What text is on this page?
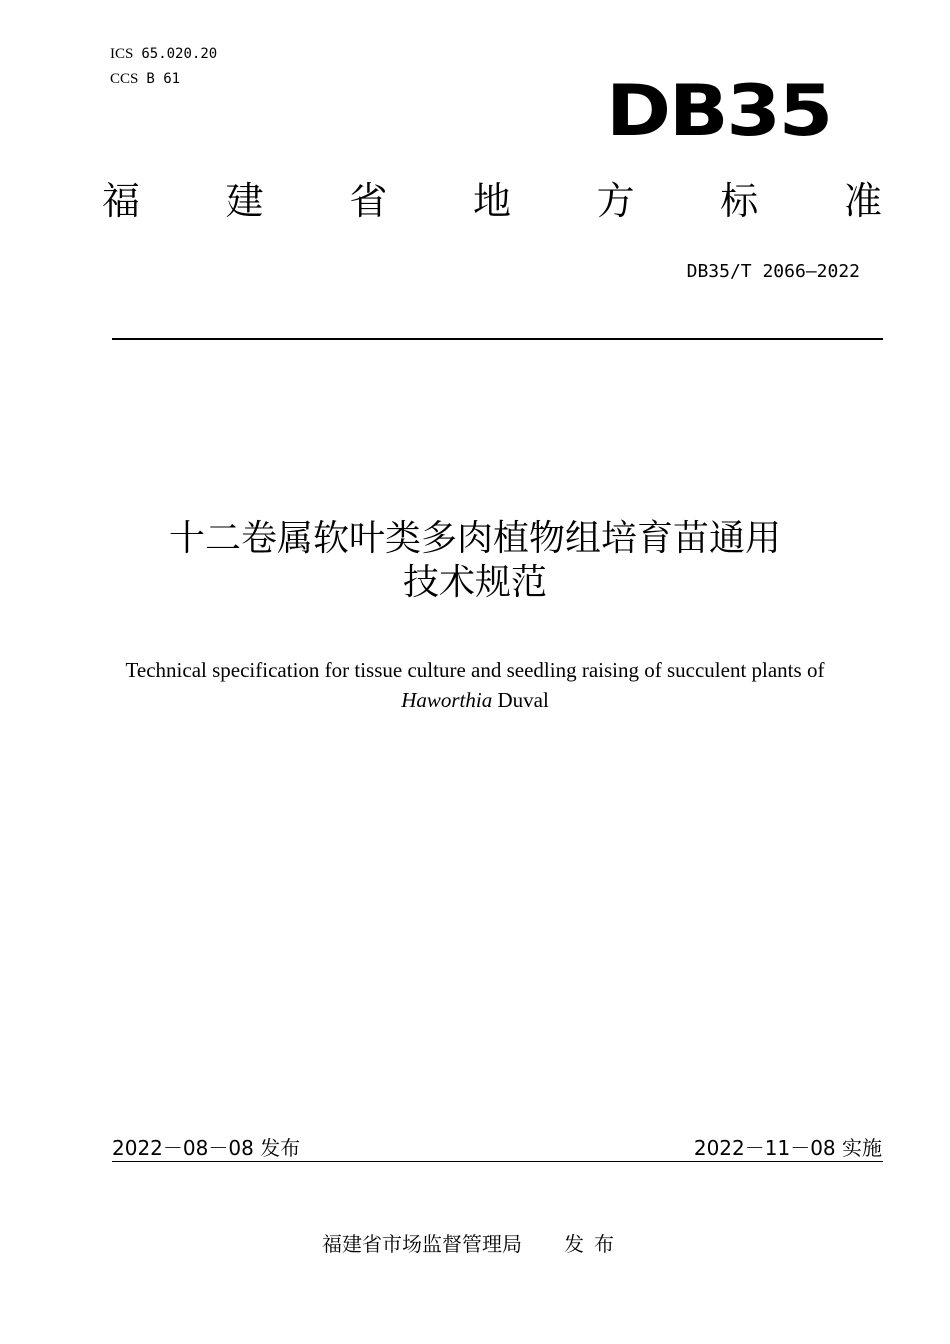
ICS 65.020.20
CCS B 61	DB35
福 建 省 地 方 标 准
DB35/T 2066—2022
十二卷属软叶类多肉植物组培育苗通用
技术规范
Technical specification for tissue culture and seedling raising of succulent plants of
Haworthia Duval
2022－08－08 发布	2022－11－08 实施
福建省市场监督管理局 发布
